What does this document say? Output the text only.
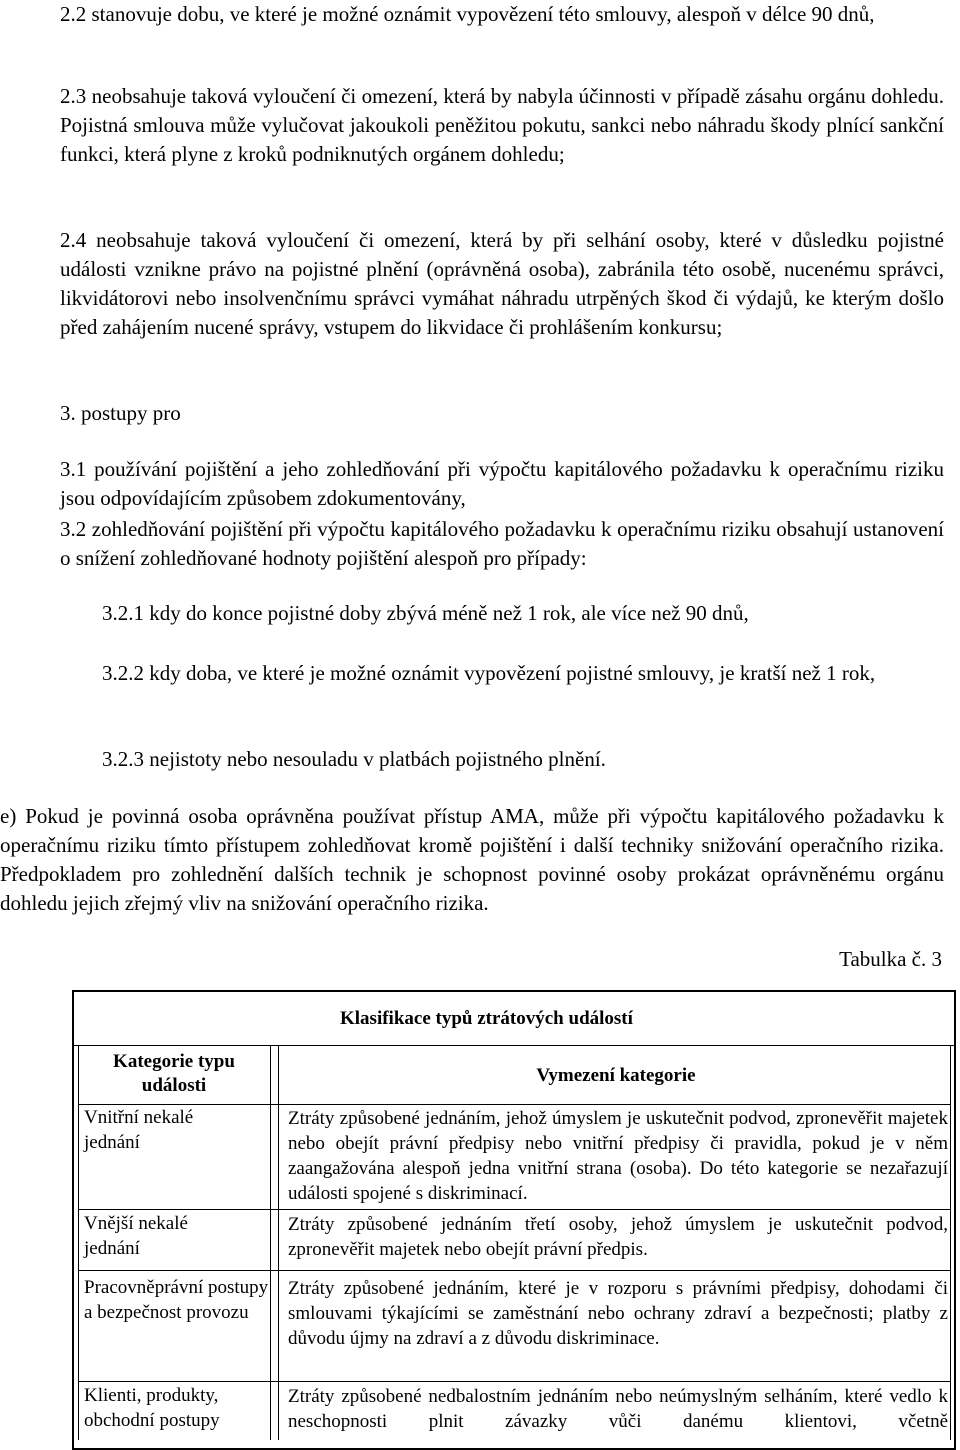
2.2 stanovuje dobu, ve které je možné oznámit vypovězení této smlouvy, alespoň v délce 90 dnů,

2.3 neobsahuje taková vyloučení či omezení, která by nabyla účinnosti v případě zásahu orgánu dohledu. Pojistná smlouva může vylučovat jakoukoli peněžitou pokutu, sankci nebo náhradu škody plnící sankční funkci, která plyne z kroků podniknutých orgánem dohledu;

2.4 neobsahuje taková vyloučení či omezení, která by při selhání osoby, které v důsledku pojistné události vznikne právo na pojistné plnění (oprávněná osoba), zabránila této osobě, nucenému správci, likvidátorovi nebo insolvenčnímu správci vymáhat náhradu utrpěných škod či výdajů, ke kterým došlo před zahájením nucené správy, vstupem do likvidace či prohlášením konkursu;

3. postupy pro

3.1 používání pojištění a jeho zohledňování při výpočtu kapitálového požadavku k operačnímu riziku jsou odpovídajícím způsobem zdokumentovány,

3.2 zohledňování pojištění při výpočtu kapitálového požadavku k operačnímu riziku obsahují ustanovení o snížení zohledňované hodnoty pojištění alespoň pro případy:

3.2.1 kdy do konce pojistné doby zbývá méně než 1 rok, ale více než 90 dnů,

3.2.2 kdy doba, ve které je možné oznámit vypovězení pojistné smlouvy, je kratší než 1 rok,

3.2.3 nejistoty nebo nesouladu v platbách pojistného plnění.

e) Pokud je povinná osoba oprávněna používat přístup AMA, může při výpočtu kapitálového požadavku k operačnímu riziku tímto přístupem zohledňovat kromě pojištění i další techniky snižování operačního rizika. Předpokladem pro zohlednění dalších technik je schopnost povinné osoby prokázat oprávněnému orgánu dohledu jejich zřejmý vliv na snižování operačního rizika.

Tabulka č. 3

Klasifikace typů ztrátových událostí
Kategorie typu události	Vymezení kategorie
Vnitřní nekalé jednání
Ztráty způsobené jednáním, jehož úmyslem je uskutečnit podvod, zpronevěřit majetek nebo obejít právní předpisy nebo vnitřní předpisy či pravidla, pokud je v něm zaangažována alespoň jedna vnitřní strana (osoba). Do této kategorie se nezařazují události spojené s diskriminací.
Vnější nekalé jednání
Ztráty způsobené jednáním třetí osoby, jehož úmyslem je uskutečnit podvod, zpronevěřit majetek nebo obejít právní předpis.
Pracovněprávní postupy a bezpečnost provozu
Ztráty způsobené jednáním, které je v rozporu s právními předpisy, dohodami či smlouvami týkajícími se zaměstnání nebo ochrany zdraví a bezpečnosti; platby z důvodu újmy na zdraví a z důvodu diskriminace.
Klienti, produkty, obchodní postupy
Ztráty způsobené nedbalostním jednáním nebo neúmyslným selháním, které vedlo k neschopnosti plnit závazky vůči danému klientovi, včetně
